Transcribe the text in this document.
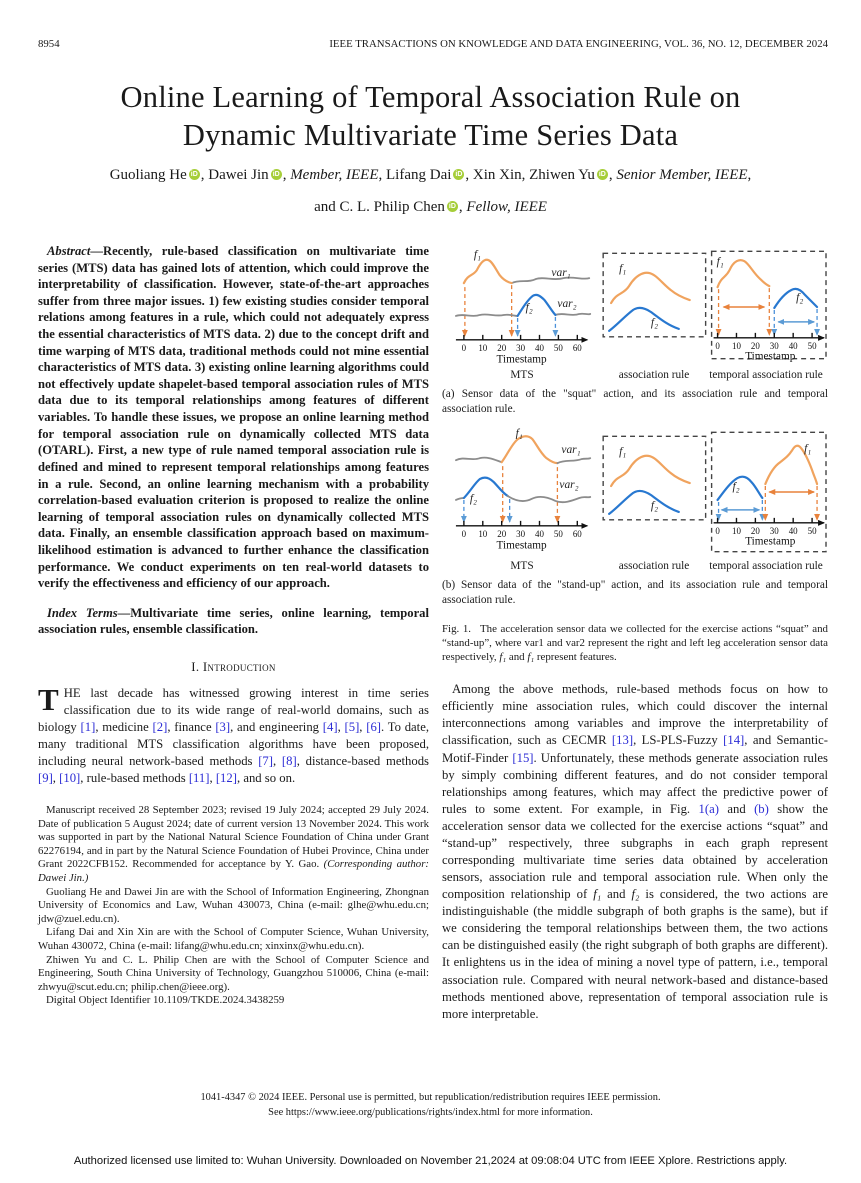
8954	IEEE TRANSACTIONS ON KNOWLEDGE AND DATA ENGINEERING, VOL. 36, NO. 12, DECEMBER 2024
Online Learning of Temporal Association Rule on Dynamic Multivariate Time Series Data
Guoliang He iD , Dawei Jin iD , Member, IEEE, Lifang Dai iD , Xin Xin, Zhiwen Yu iD , Senior Member, IEEE,
and C. L. Philip Chen iD , Fellow, IEEE

Abstract—Recently, rule-based classification on multivariate time series (MTS) data has gained lots of attention, which could improve the interpretability of classification. However, state-of-the-art approaches suffer from three major issues. 1) few existing studies consider temporal relations among features in a rule, which could not adequately express the essential characteristics of MTS data. 2) due to the concept drift and time warping of MTS data, traditional methods could not mine essential characteristics of MTS data. 3) existing online learning algorithms could not effectively update shapelet-based temporal association rules of MTS data due to its temporal relationships among features of different variables. To handle these issues, we propose an online learning method for temporal association rule on dynamically collected MTS data (OTARL). First, a new type of rule named temporal association rule is defined and mined to represent temporal relationships among features in a rule. Second, an online learning mechanism with a probability correlation-based evaluation criterion is proposed to realize the online learning of temporal association rules on dynamically collected MTS data. Finally, an ensemble classification approach based on maximum-likelihood estimation is advanced to further enhance the classification performance. We conduct experiments on ten real-world datasets to verify the effectiveness and efficiency of our approach.

Index Terms—Multivariate time series, online learning, temporal association rules, ensemble classification.

I. Introduction

THE last decade has witnessed growing interest in time series classification due to its wide range of real-world domains, such as biology [1], medicine [2], finance [3], and engineering [4], [5], [6]. To date, many traditional MTS classification algorithms have been proposed, including neural network-based methods [7], [8], distance-based methods [9], [10], rule-based methods [11], [12], and so on.

Manuscript received 28 September 2023; revised 19 July 2024; accepted 29 July 2024. Date of publication 5 August 2024; date of current version 13 November 2024. This work was supported in part by the National Natural Science Foundation of China under Grant 62276194, and in part by the Natural Science Foundation of Hubei Province, China under Grant 2022CFB152. Recommended for acceptance by Y. Gao. (Corresponding author: Dawei Jin.)

Guoliang He and Dawei Jin are with the School of Information Engineering, Zhongnan University of Economics and Law, Wuhan 430073, China (e-mail: glhe@whu.edu.cn; jdw@zuel.edu.cn).

Lifang Dai and Xin Xin are with the School of Computer Science, Wuhan University, Wuhan 430072, China (e-mail: lifang@whu.edu.cn; xinxinx@whu.edu.cn).

Zhiwen Yu and C. L. Philip Chen are with the School of Computer Science and Engineering, South China University of Technology, Guangzhou 510006, China (e-mail: zhwyu@scut.edu.cn; philip.chen@ieee.org).

Digital Object Identifier 10.1109/TKDE.2024.3438259

0 10 20 30 40 50 60
f₁
var₁
f₂ var₂
Timestamp
f₁
f₂
0 10 20 30 40 50
f₁
f₂
Timestamp
MTS	association rule temporal association rule
(a) Sensor data of the "squat" action, and its association rule and temporal association rule.
0 10 20 30 40 50 60
f₁
var₁
f₂
var₂
Timestamp
f₁
f₂
0 10 20 30 40 50
f₂
f₁
Timestamp
MTS	association rule temporal association rule
(b) Sensor data of the "stand-up" action, and its association rule and temporal association rule.
Fig. 1. The acceleration sensor data we collected for the exercise actions “squat” and “stand-up”, where var1 and var2 represent the right and left leg acceleration sensor data respectively, f₁ and f₁ represent features.

Among the above methods, rule-based methods focus on how to efficiently mine association rules, which could discover the internal interconnections among variables and improve the interpretability of classification, such as CECMR [13], LS-PLS-Fuzzy [14], and Semantic-Motif-Finder [15]. Unfortunately, these methods generate association rules by simply combining different features, and do not consider temporal relationships among features, which may affect the predictive power of rules to some extent. For example, in Fig. 1(a) and (b) show the acceleration sensor data we collected for the exercise actions “squat” and “stand-up” respectively, three subgraphs in each graph represent corresponding multivariate time series data obtained by acceleration sensors, association rule and temporal association rule. When only the composition relationship of f₁ and f₂ is considered, the two actions are indistinguishable (the middle subgraph of both graphs is the same), but if we considering the temporal relationships between them, the two actions can be distinguished easily (the right subgraph of both graphs are different). It enlightens us in the idea of mining a novel type of pattern, i.e., temporal association rule. Compared with neural network-based and distance-based methods mentioned above, representation of temporal association rule is more interpretable.

1041-4347 © 2024 IEEE. Personal use is permitted, but republication/redistribution requires IEEE permission.
See https://www.ieee.org/publications/rights/index.html for more information.
Authorized licensed use limited to: Wuhan University. Downloaded on November 21,2024 at 09:08:04 UTC from IEEE Xplore. Restrictions apply.
